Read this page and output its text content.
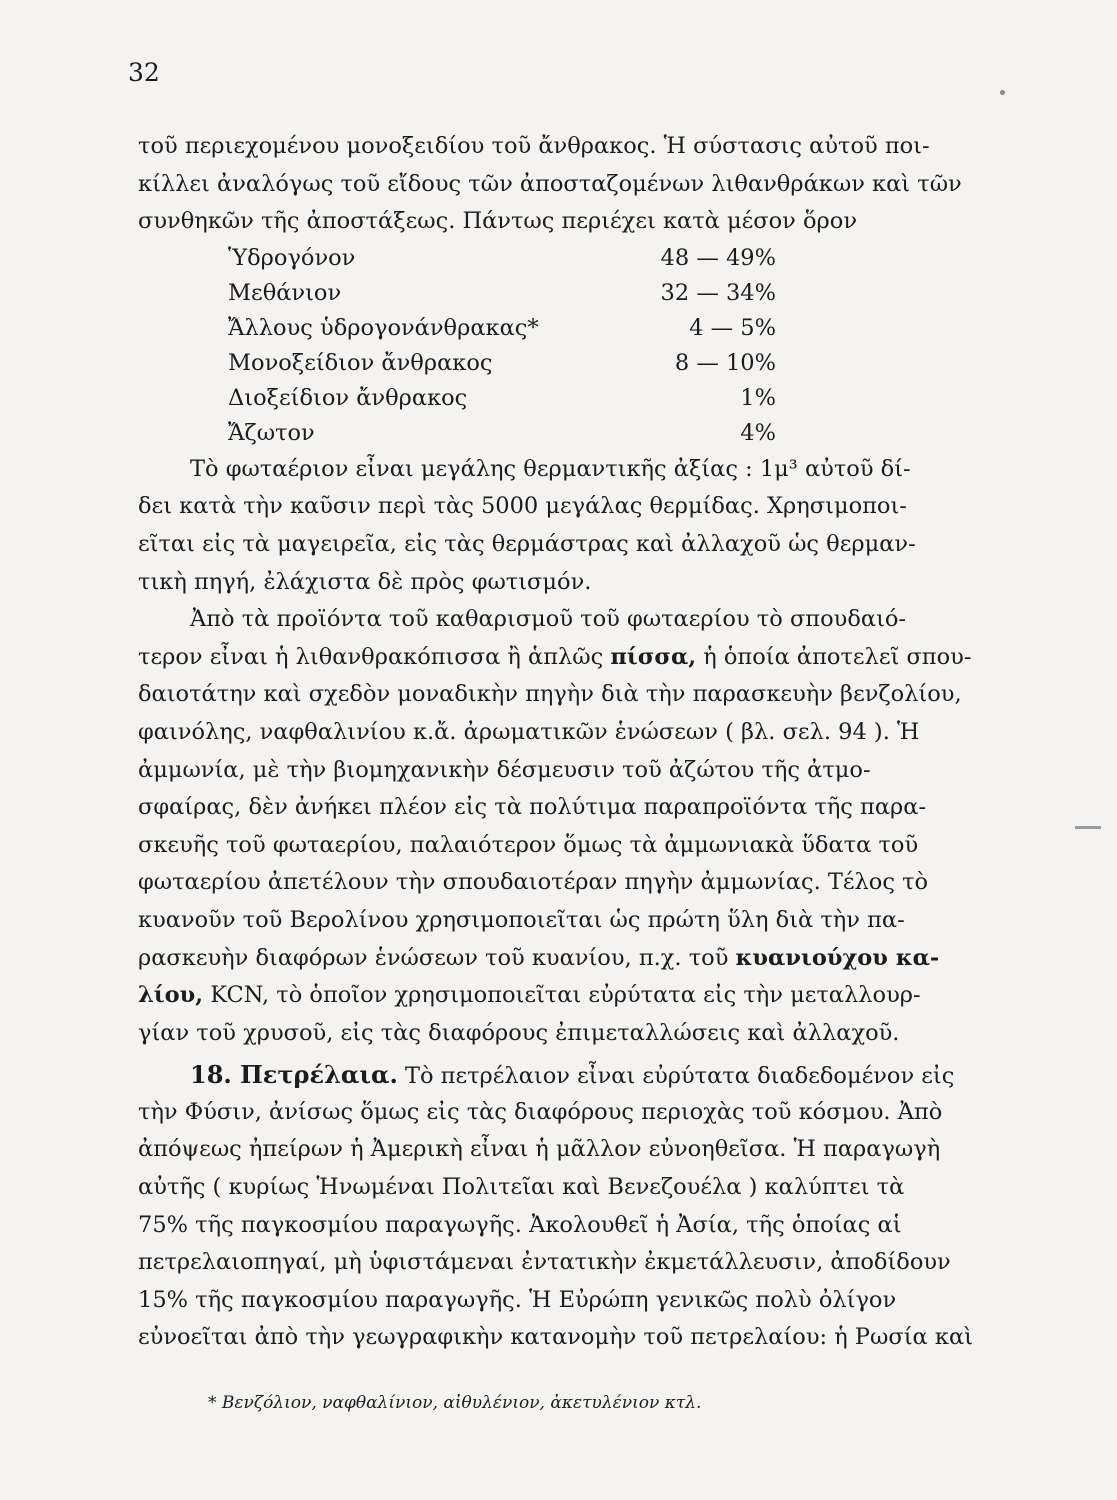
32
τοῦ περιεχομένου μονοξειδίου τοῦ ἄνθρακος. Ἡ σύστασις αὐτοῦ ποι-
κίλλει ἀναλόγως τοῦ εἴδους τῶν ἀποσταζομένων λιθανθράκων καὶ τῶν
συνθηκῶν τῆς ἀποστάξεως. Πάντως περιέχει κατὰ μέσον ὅρον
Ὑδρογόνον	48 — 49%
Μεθάνιον	32 — 34%
Ἄλλους ὑδρογονάνθρακας*	4 — 5%
Μονοξείδιον ἄνθρακος	8 — 10%
Διοξείδιον ἄνθρακος	1%
Ἄζωτον	4%
Τὸ φωταέριον εἶναι μεγάλης θερμαντικῆς ἀξίας : 1μ³ αὐτοῦ δί-
δει κατὰ τὴν καῦσιν περὶ τὰς 5000 μεγάλας θερμίδας. Χρησιμοποι-
εῖται εἰς τὰ μαγειρεῖα, εἰς τὰς θερμάστρας καὶ ἀλλαχοῦ ὡς θερμαν-
τικὴ πηγή, ἐλάχιστα δὲ πρὸς φωτισμόν.
Ἀπὸ τὰ προϊόντα τοῦ καθαρισμοῦ τοῦ φωταερίου τὸ σπουδαιό-
τερον εἶναι ἡ λιθανθρακόπισσα ἢ ἁπλῶς πίσσα, ἡ ὁποία ἀποτελεῖ σπου-
δαιοτάτην καὶ σχεδὸν μοναδικὴν πηγὴν διὰ τὴν παρασκευὴν βενζολίου,
φαινόλης, ναφθαλινίου κ.ἄ. ἀρωματικῶν ἑνώσεων ( βλ. σελ. 94 ). Ἡ
ἀμμωνία, μὲ τὴν βιομηχανικὴν δέσμευσιν τοῦ ἀζώτου τῆς ἀτμο-
σφαίρας, δὲν ἀνήκει πλέον εἰς τὰ πολύτιμα παραπροϊόντα τῆς παρα-
σκευῆς τοῦ φωταερίου, παλαιότερον ὅμως τὰ ἀμμωνιακὰ ὕδατα τοῦ
φωταερίου ἀπετέλουν τὴν σπουδαιοτέραν πηγὴν ἀμμωνίας. Τέλος τὸ
κυανοῦν τοῦ Βερολίνου χρησιμοποιεῖται ὡς πρώτη ὕλη διὰ τὴν πα-
ρασκευὴν διαφόρων ἑνώσεων τοῦ κυανίου, π.χ. τοῦ κυανιούχου κα-
λίου, KCN, τὸ ὁποῖον χρησιμοποιεῖται εὐρύτατα εἰς τὴν μεταλλουρ-
γίαν τοῦ χρυσοῦ, εἰς τὰς διαφόρους ἐπιμεταλλώσεις καὶ ἀλλαχοῦ.
18. Πετρέλαια. Τὸ πετρέλαιον εἶναι εὐρύτατα διαδεδομένον εἰς
τὴν Φύσιν, ἀνίσως ὅμως εἰς τὰς διαφόρους περιοχὰς τοῦ κόσμου. Ἀπὸ
ἀπόψεως ἠπείρων ἡ Ἀμερικὴ εἶναι ἡ μᾶλλον εὐνοηθεῖσα. Ἡ παραγωγὴ
αὐτῆς ( κυρίως Ἡνωμέναι Πολιτεῖαι καὶ Βενεζουέλα ) καλύπτει τὰ
75% τῆς παγκοσμίου παραγωγῆς. Ἀκολουθεῖ ἡ Ἀσία, τῆς ὁποίας αἱ
πετρελαιοπηγαί, μὴ ὑφιστάμεναι ἐντατικὴν ἐκμετάλλευσιν, ἀποδίδουν
15% τῆς παγκοσμίου παραγωγῆς. Ἡ Εὐρώπη γενικῶς πολὺ ὀλίγον
εὐνοεῖται ἀπὸ τὴν γεωγραφικὴν κατανομὴν τοῦ πετρελαίου: ἡ Ρωσία καὶ
* Βενζόλιον, ναφθαλίνιον, αἰθυλένιον, ἀκετυλένιον κτλ.
